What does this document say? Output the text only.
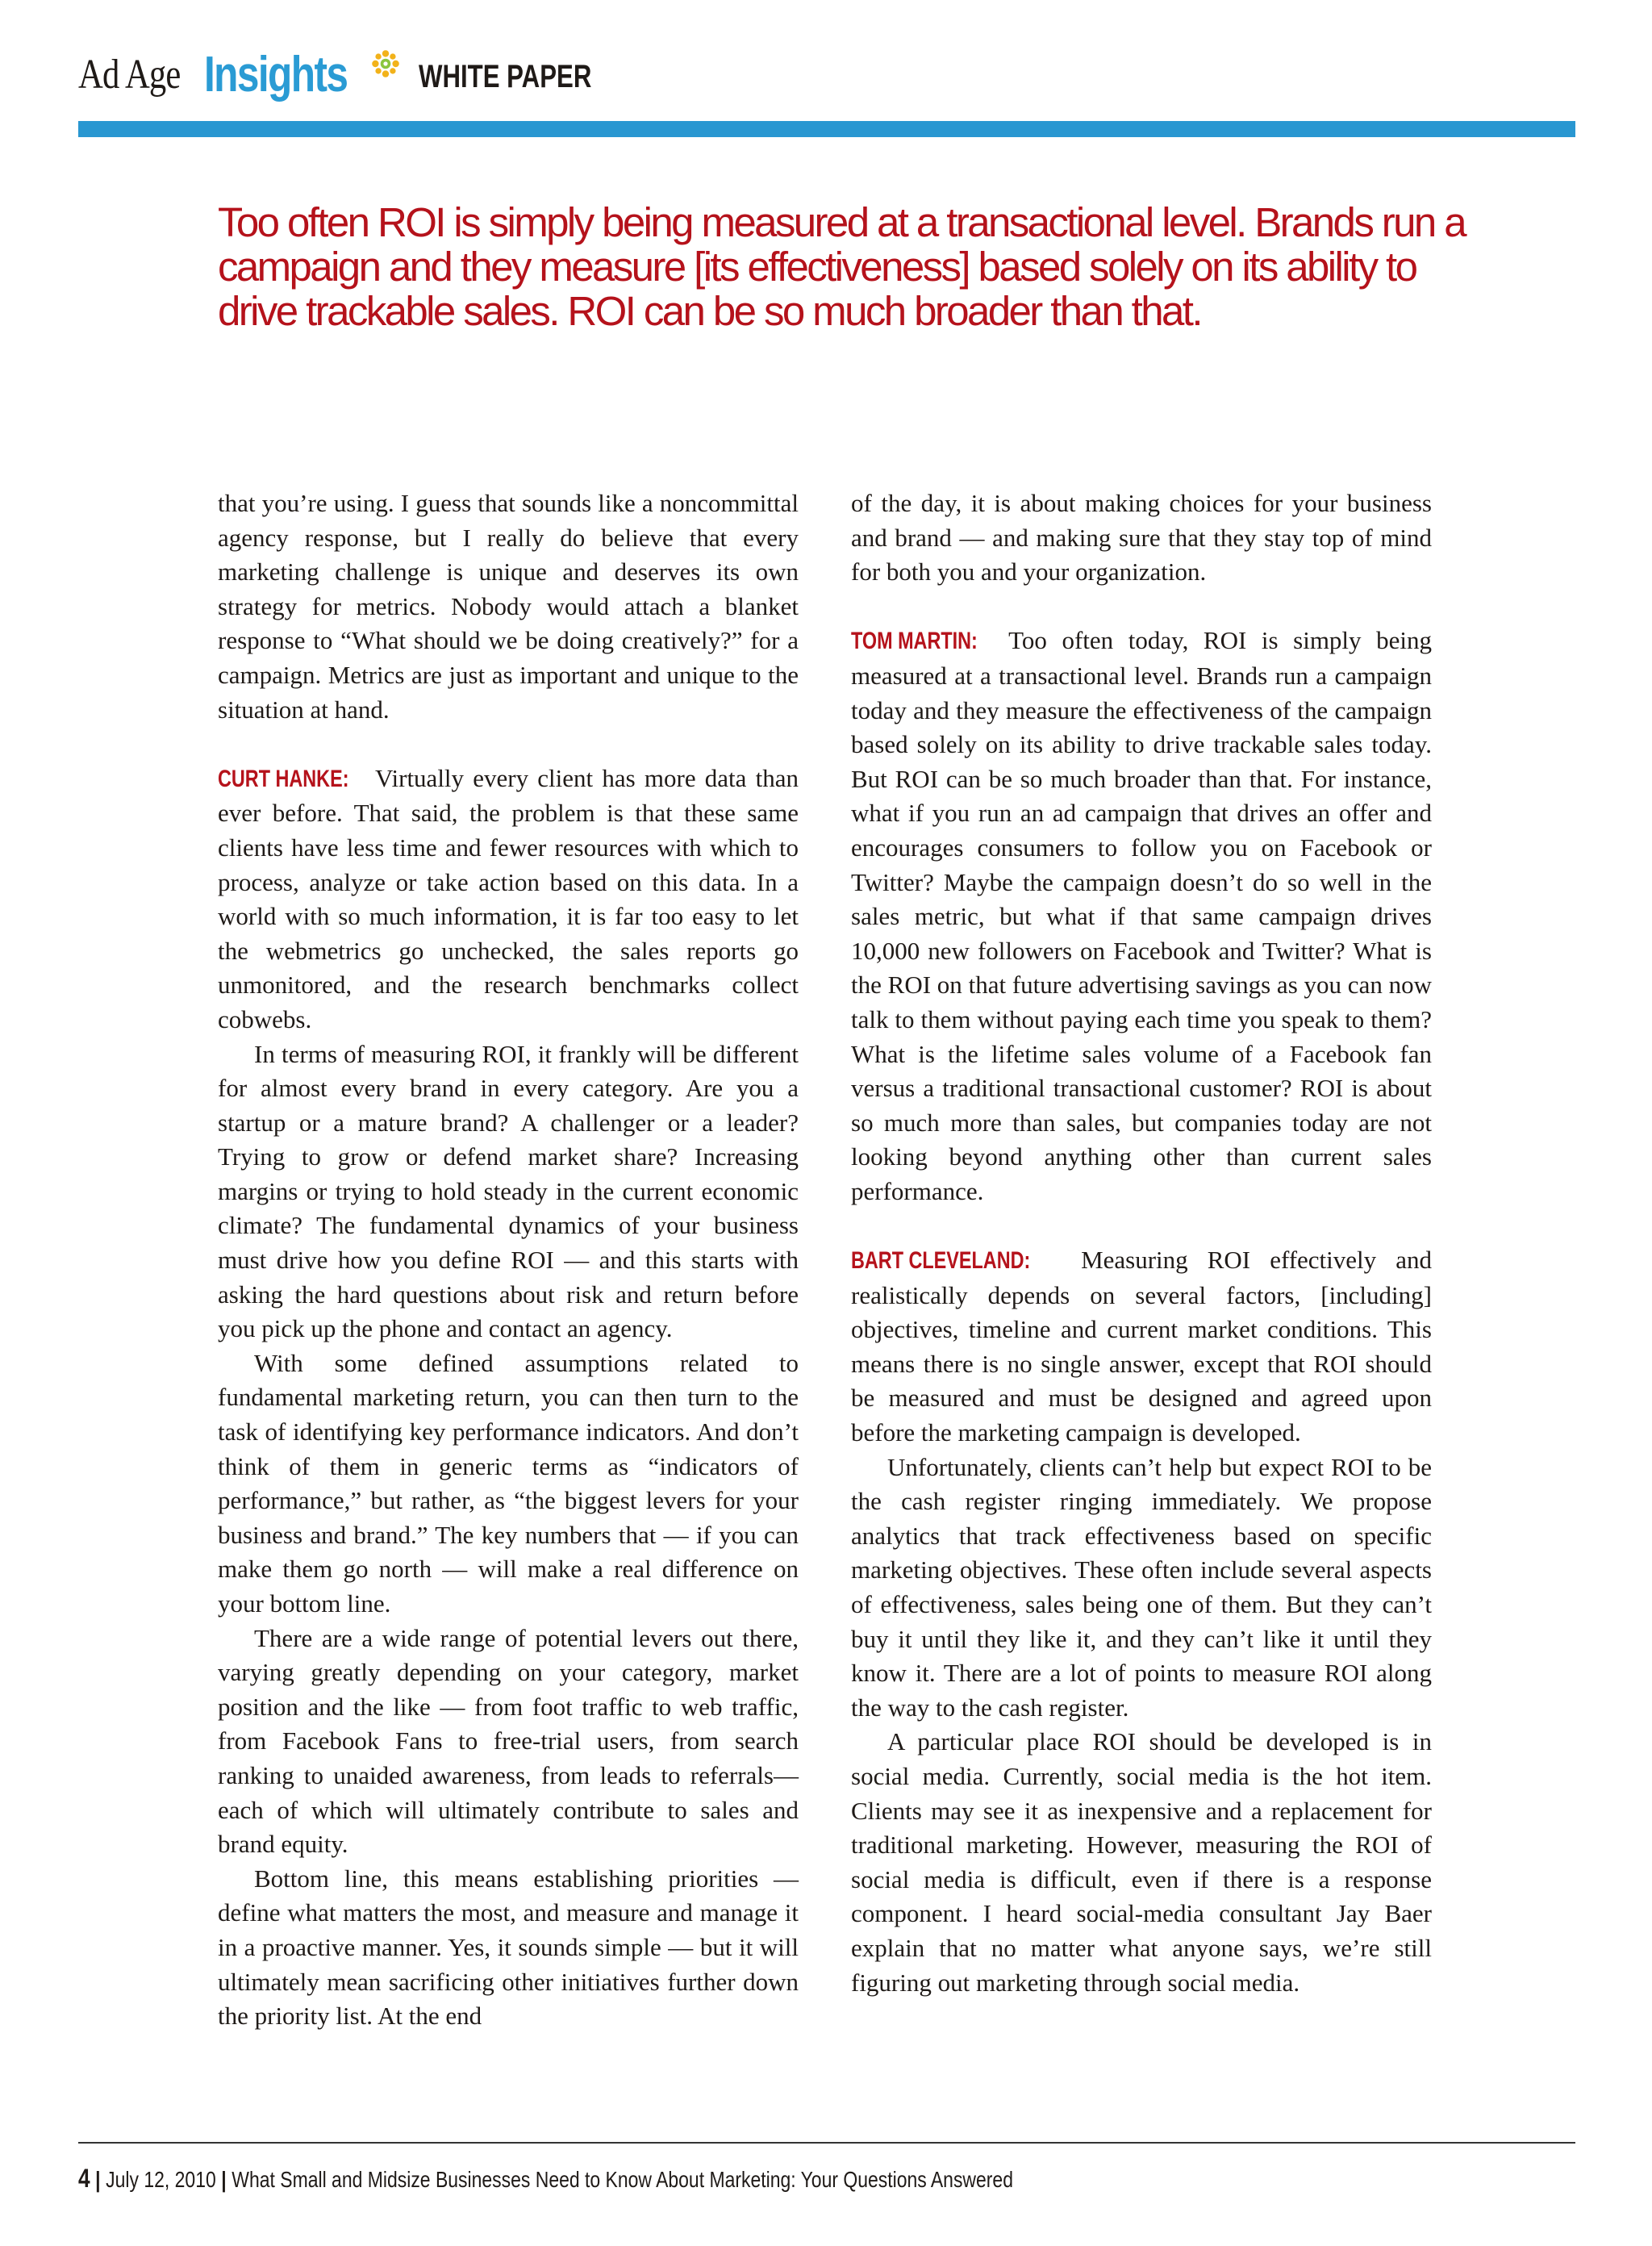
Ad Age Insights WHITE PAPER
Too often ROI is simply being measured at a transactional level. Brands run a campaign and they measure [its effectiveness] based solely on its ability to drive trackable sales. ROI can be so much broader than that.

that you’re using. I guess that sounds like a noncommittal agency response, but I really do believe that every marketing challenge is unique and deserves its own strategy for metrics. Nobody would attach a blanket response to “What should we be doing creatively?” for a campaign. Metrics are just as important and unique to the situation at hand.

CURT HANKE: Virtually every client has more data than ever before. That said, the problem is that these same clients have less time and fewer resources with which to process, analyze or take action based on this data. In a world with so much information, it is far too easy to let the webmetrics go unchecked, the sales reports go unmonitored, and the research benchmarks collect cobwebs.

In terms of measuring ROI, it frankly will be different for almost every brand in every category. Are you a startup or a mature brand? A challenger or a leader? Trying to grow or defend market share? Increasing margins or trying to hold steady in the current economic climate? The fundamental dynamics of your business must drive how you define ROI — and this starts with asking the hard questions about risk and return before you pick up the phone and contact an agency.

With some defined assumptions related to fundamental marketing return, you can then turn to the task of identifying key performance indicators. And don’t think of them in generic terms as “indicators of performance,” but rather, as “the biggest levers for your business and brand.” The key numbers that — if you can make them go north — will make a real difference on your bottom line.

There are a wide range of potential levers out there, varying greatly depending on your category, market position and the like — from foot traffic to web traffic, from Facebook Fans to free-trial users, from search ranking to unaided awareness, from leads to referrals—each of which will ultimately contribute to sales and brand equity.

Bottom line, this means establishing priorities — define what matters the most, and measure and manage it in a proactive manner. Yes, it sounds simple — but it will ultimately mean sacrificing other initiatives further down the priority list. At the end

of the day, it is about making choices for your business and brand — and making sure that they stay top of mind for both you and your organization.

TOM MARTIN: Too often today, ROI is simply being measured at a transactional level. Brands run a campaign today and they measure the effectiveness of the campaign based solely on its ability to drive trackable sales today. But ROI can be so much broader than that. For instance, what if you run an ad campaign that drives an offer and encourages consumers to follow you on Facebook or Twitter? Maybe the campaign doesn’t do so well in the sales metric, but what if that same campaign drives 10,000 new followers on Facebook and Twitter? What is the ROI on that future advertising savings as you can now talk to them without paying each time you speak to them? What is the lifetime sales volume of a Facebook fan versus a traditional transactional customer? ROI is about so much more than sales, but companies today are not looking beyond anything other than current sales performance.

BART CLEVELAND: Measuring ROI effectively and realistically depends on several factors, [including] objectives, timeline and current market conditions. This means there is no single answer, except that ROI should be measured and must be designed and agreed upon before the marketing campaign is developed.

Unfortunately, clients can’t help but expect ROI to be the cash register ringing immediately. We propose analytics that track effectiveness based on specific marketing objectives. These often include several aspects of effectiveness, sales being one of them. But they can’t buy it until they like it, and they can’t like it until they know it. There are a lot of points to measure ROI along the way to the cash register.

A particular place ROI should be developed is in social media. Currently, social media is the hot item. Clients may see it as inexpensive and a replacement for traditional marketing. However, measuring the ROI of social media is difficult, even if there is a response component. I heard social-media consultant Jay Baer explain that no matter what anyone says, we’re still figuring out marketing through social media.

4 | July 12, 2010 | What Small and Midsize Businesses Need to Know About Marketing: Your Questions Answered
